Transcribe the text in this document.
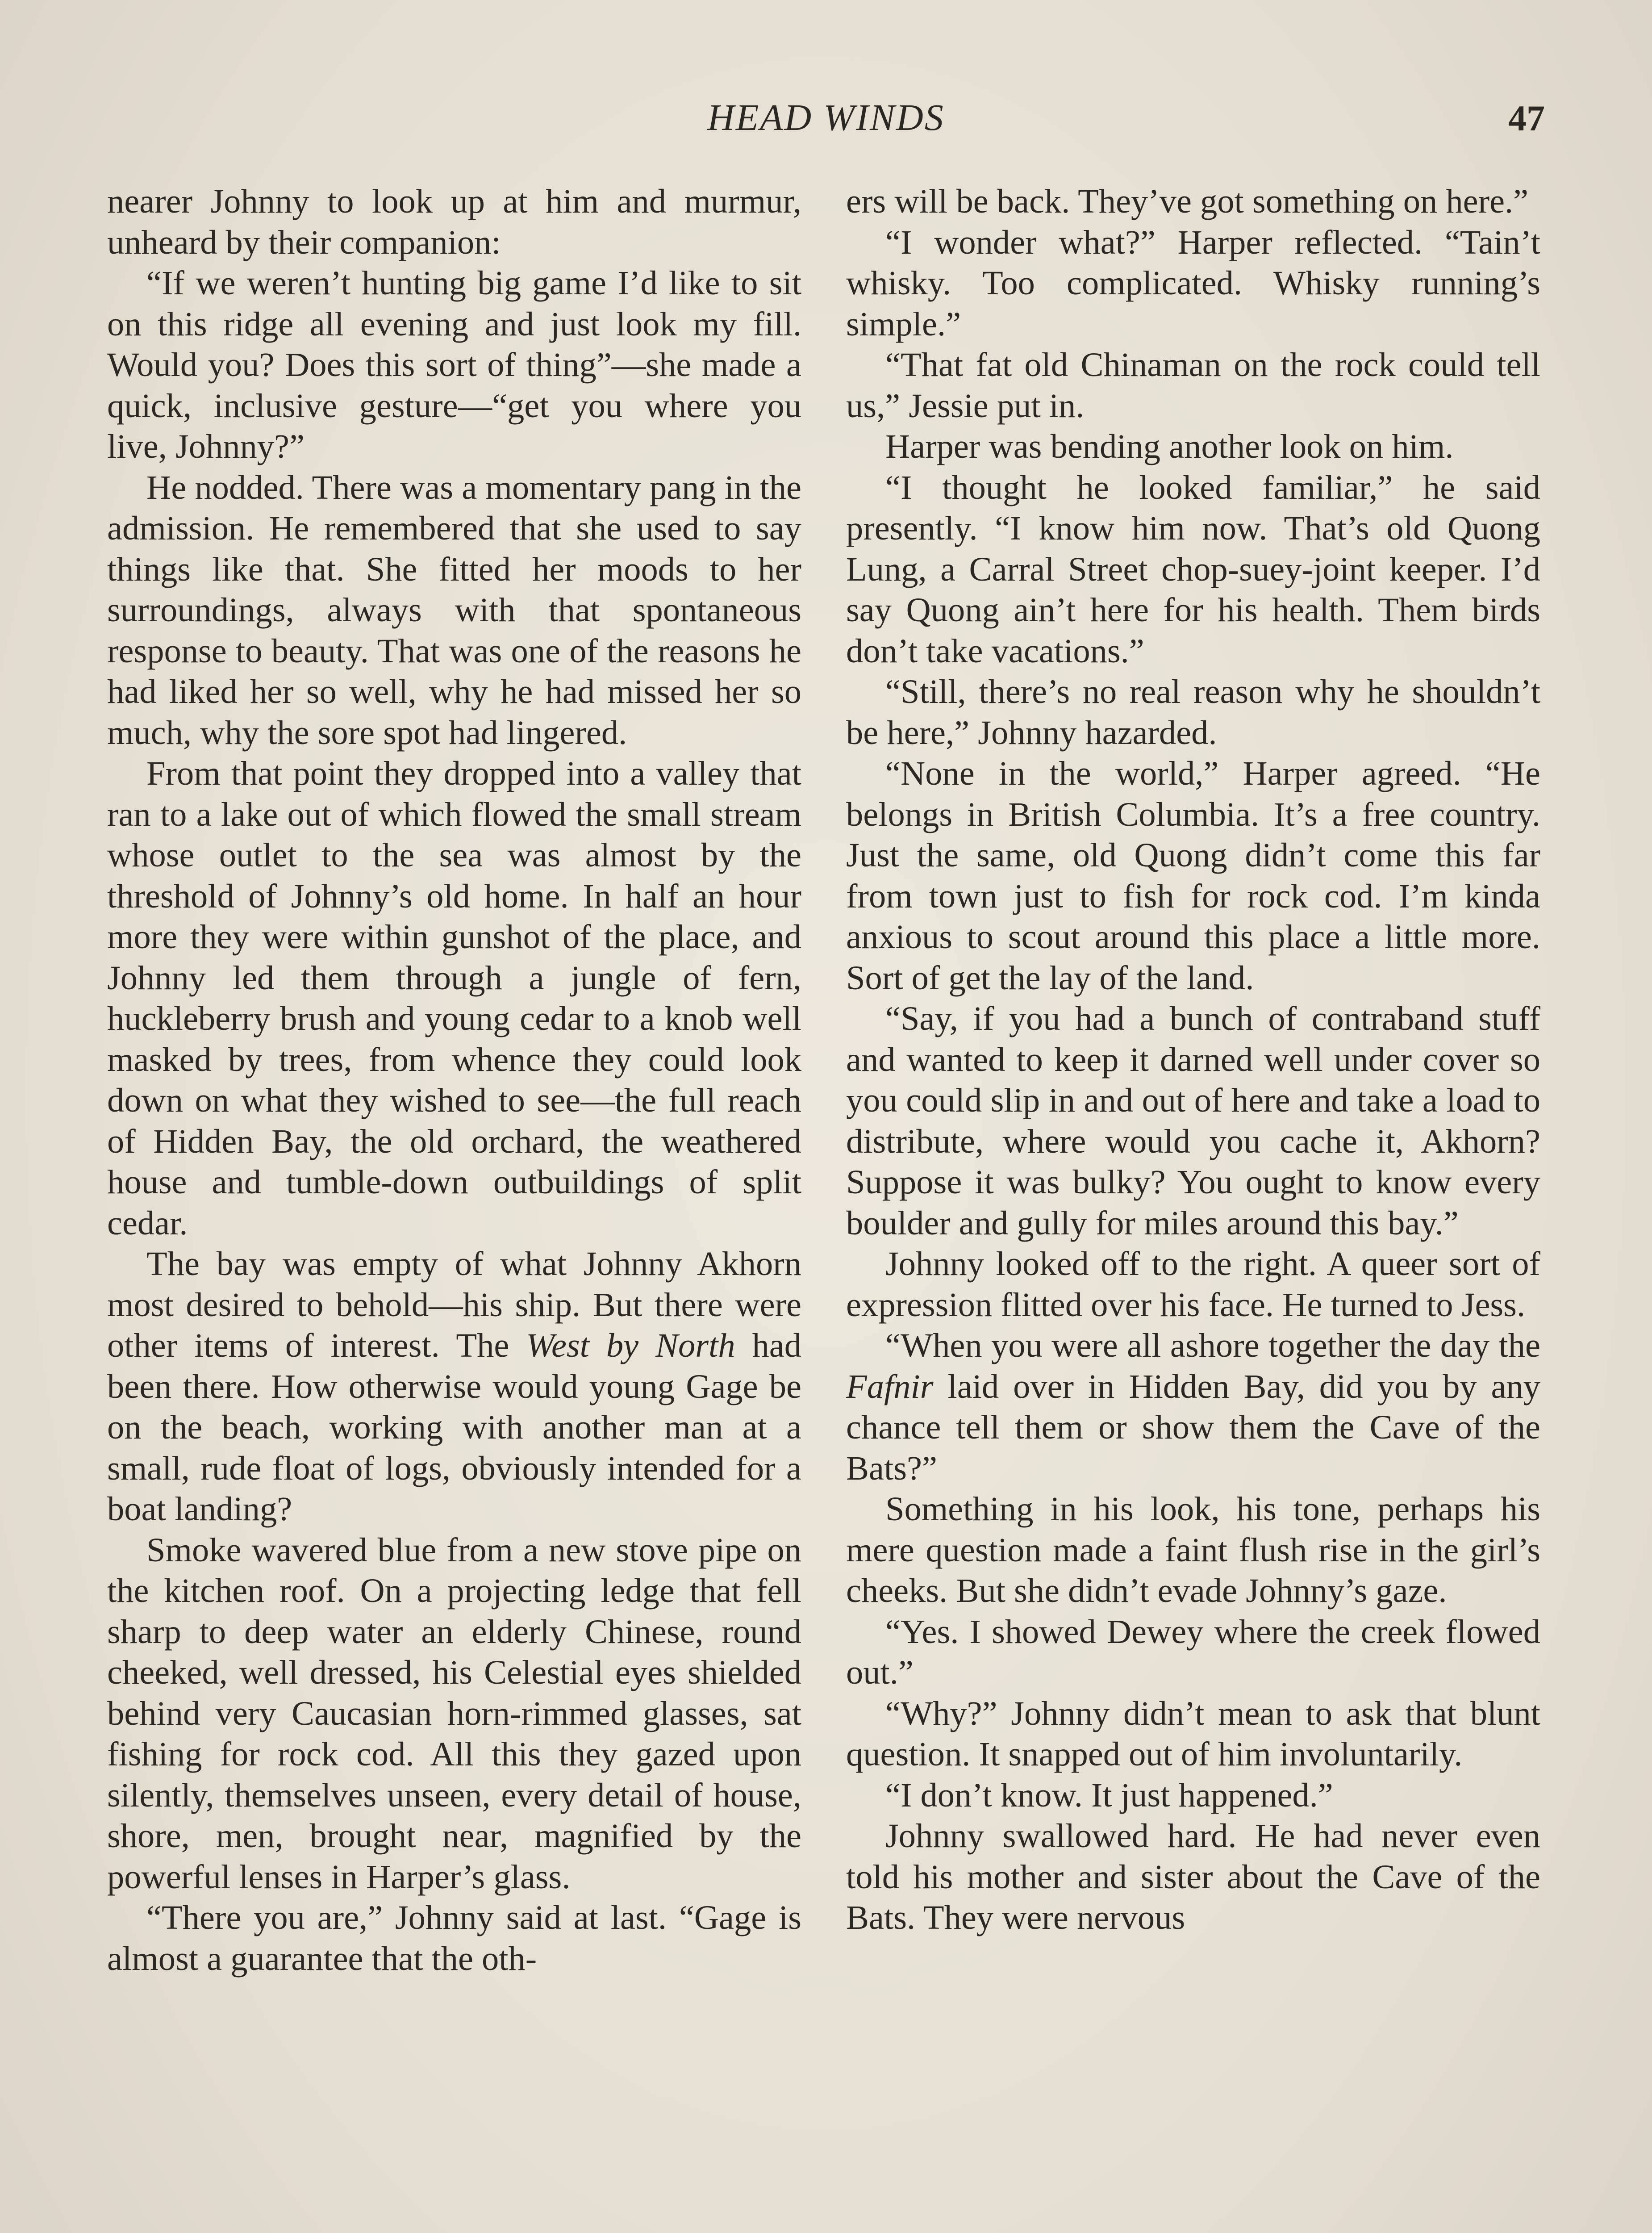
HEAD WINDS	47

nearer Johnny to look up at him and murmur, unheard by their companion:

“If we weren’t hunting big game I’d like to sit on this ridge all evening and just look my fill. Would you? Does this sort of thing”—she made a quick, inclusive gesture—“get you where you live, Johnny?”

He nodded. There was a momentary pang in the admission. He remembered that she used to say things like that. She fitted her moods to her surroundings, always with that spontaneous response to beauty. That was one of the reasons he had liked her so well, why he had missed her so much, why the sore spot had lingered.

From that point they dropped into a valley that ran to a lake out of which flowed the small stream whose outlet to the sea was almost by the threshold of Johnny’s old home. In half an hour more they were within gunshot of the place, and Johnny led them through a jungle of fern, huckleberry brush and young cedar to a knob well masked by trees, from whence they could look down on what they wished to see—the full reach of Hidden Bay, the old orchard, the weathered house and tumble-down outbuildings of split cedar.

The bay was empty of what Johnny Akhorn most desired to behold—his ship. But there were other items of interest. The West by North had been there. How otherwise would young Gage be on the beach, working with another man at a small, rude float of logs, obviously intended for a boat landing?

Smoke wavered blue from a new stove pipe on the kitchen roof. On a projecting ledge that fell sharp to deep water an elderly Chinese, round cheeked, well dressed, his Celestial eyes shielded behind very Caucasian horn-rimmed glasses, sat fishing for rock cod. All this they gazed upon silently, themselves unseen, every detail of house, shore, men, brought near, magnified by the powerful lenses in Harper’s glass.

“There you are,” Johnny said at last. “Gage is almost a guarantee that the oth-

ers will be back. They’ve got something on here.”

“I wonder what?” Harper reflected. “Tain’t whisky. Too complicated. Whisky running’s simple.”

“That fat old Chinaman on the rock could tell us,” Jessie put in.

Harper was bending another look on him.

“I thought he looked familiar,” he said presently. “I know him now. That’s old Quong Lung, a Carral Street chop-suey-joint keeper. I’d say Quong ain’t here for his health. Them birds don’t take vacations.”

“Still, there’s no real reason why he shouldn’t be here,” Johnny hazarded.

“None in the world,” Harper agreed. “He belongs in British Columbia. It’s a free country. Just the same, old Quong didn’t come this far from town just to fish for rock cod. I’m kinda anxious to scout around this place a little more. Sort of get the lay of the land.

“Say, if you had a bunch of contraband stuff and wanted to keep it darned well under cover so you could slip in and out of here and take a load to distribute, where would you cache it, Akhorn? Suppose it was bulky? You ought to know every boulder and gully for miles around this bay.”

Johnny looked off to the right. A queer sort of expression flitted over his face. He turned to Jess.

“When you were all ashore together the day the Fafnir laid over in Hidden Bay, did you by any chance tell them or show them the Cave of the Bats?”

Something in his look, his tone, perhaps his mere question made a faint flush rise in the girl’s cheeks. But she didn’t evade Johnny’s gaze.

“Yes. I showed Dewey where the creek flowed out.”

“Why?” Johnny didn’t mean to ask that blunt question. It snapped out of him involuntarily.

“I don’t know. It just happened.”

Johnny swallowed hard. He had never even told his mother and sister about the Cave of the Bats. They were nervous
